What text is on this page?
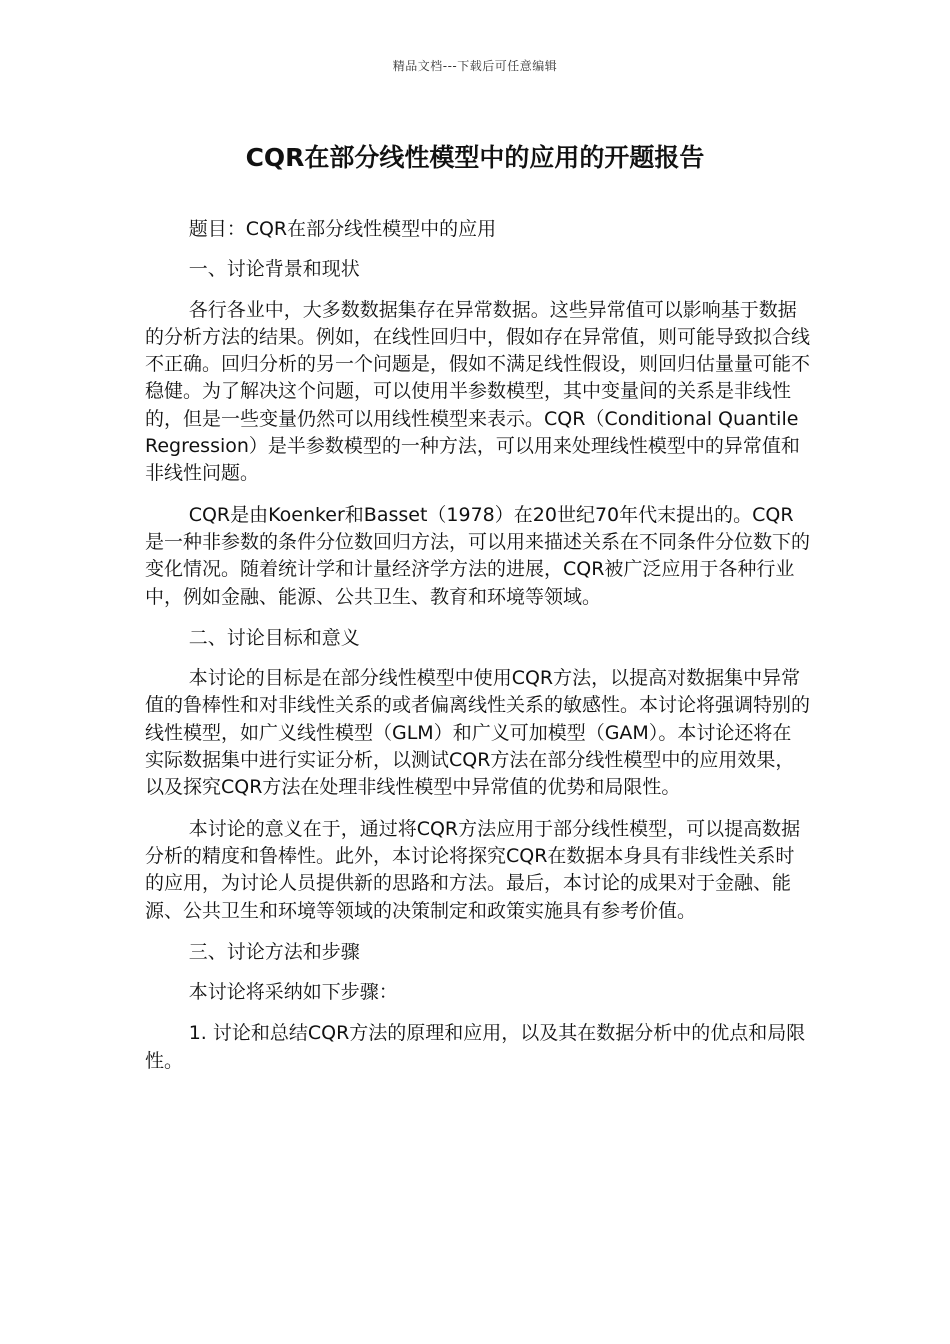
精品文档---下载后可任意编辑
CQR在部分线性模型中的应用的开题报告

题目：CQR在部分线性模型中的应用

一、讨论背景和现状

各行各业中，大多数数据集存在异常数据。这些异常值可以影响基于数据的分析方法的结果。例如，在线性回归中，假如存在异常值，则可能导致拟合线不正确。回归分析的另一个问题是，假如不满足线性假设，则回归估量量可能不稳健。为了解决这个问题，可以使用半参数模型，其中变量间的关系是非线性的，但是一些变量仍然可以用线性模型来表示。CQR（Conditional Quantile Regression）是半参数模型的一种方法，可以用来处理线性模型中的异常值和非线性问题。

CQR是由Koenker和Basset（1978）在20世纪70年代末提出的。CQR是一种非参数的条件分位数回归方法，可以用来描述关系在不同条件分位数下的变化情况。随着统计学和计量经济学方法的进展，CQR被广泛应用于各种行业中，例如金融、能源、公共卫生、教育和环境等领域。

二、讨论目标和意义

本讨论的目标是在部分线性模型中使用CQR方法，以提高对数据集中异常值的鲁棒性和对非线性关系的或者偏离线性关系的敏感性。本讨论将强调特别的线性模型，如广义线性模型（GLM）和广义可加模型（GAM）。本讨论还将在实际数据集中进行实证分析，以测试CQR方法在部分线性模型中的应用效果，以及探究CQR方法在处理非线性模型中异常值的优势和局限性。

本讨论的意义在于，通过将CQR方法应用于部分线性模型，可以提高数据分析的精度和鲁棒性。此外，本讨论将探究CQR在数据本身具有非线性关系时的应用，为讨论人员提供新的思路和方法。最后，本讨论的成果对于金融、能源、公共卫生和环境等领域的决策制定和政策实施具有参考价值。

三、讨论方法和步骤

本讨论将采纳如下步骤：

1. 讨论和总结CQR方法的原理和应用，以及其在数据分析中的优点和局限性。
